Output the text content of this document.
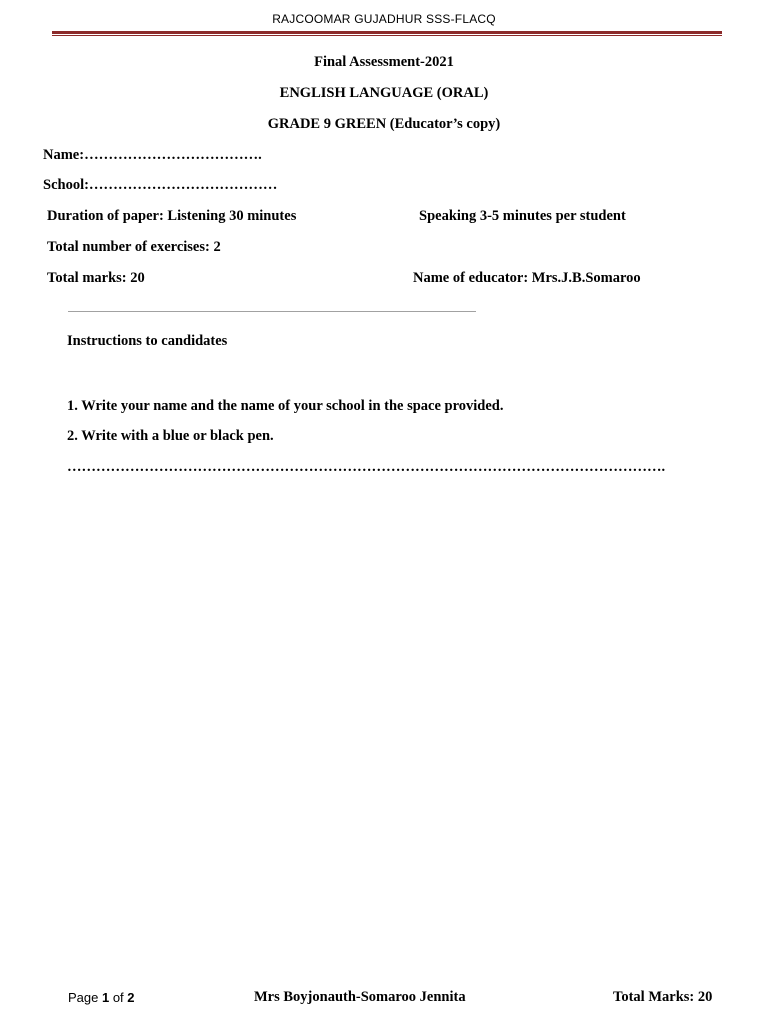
RAJCOOMAR GUJADHUR SSS-FLACQ
Final Assessment-2021
ENGLISH LANGUAGE (ORAL)
GRADE 9 GREEN (Educator’s copy)
Name:……………………………….
School:…………………………………
Duration of paper: Listening 30 minutes	Speaking 3-5 minutes per student
Total number of exercises: 2
Total marks: 20	Name of educator: Mrs.J.B.Somaroo
............................................................................................................................................................................................................
Instructions to candidates
1. Write your name and the name of your school in the space provided.
2. Write with a blue or black pen.
…………………………………………………………………………………………………………….
Page 1 of 2	Mrs Boyjonauth-Somaroo Jennita	Total Marks: 20
